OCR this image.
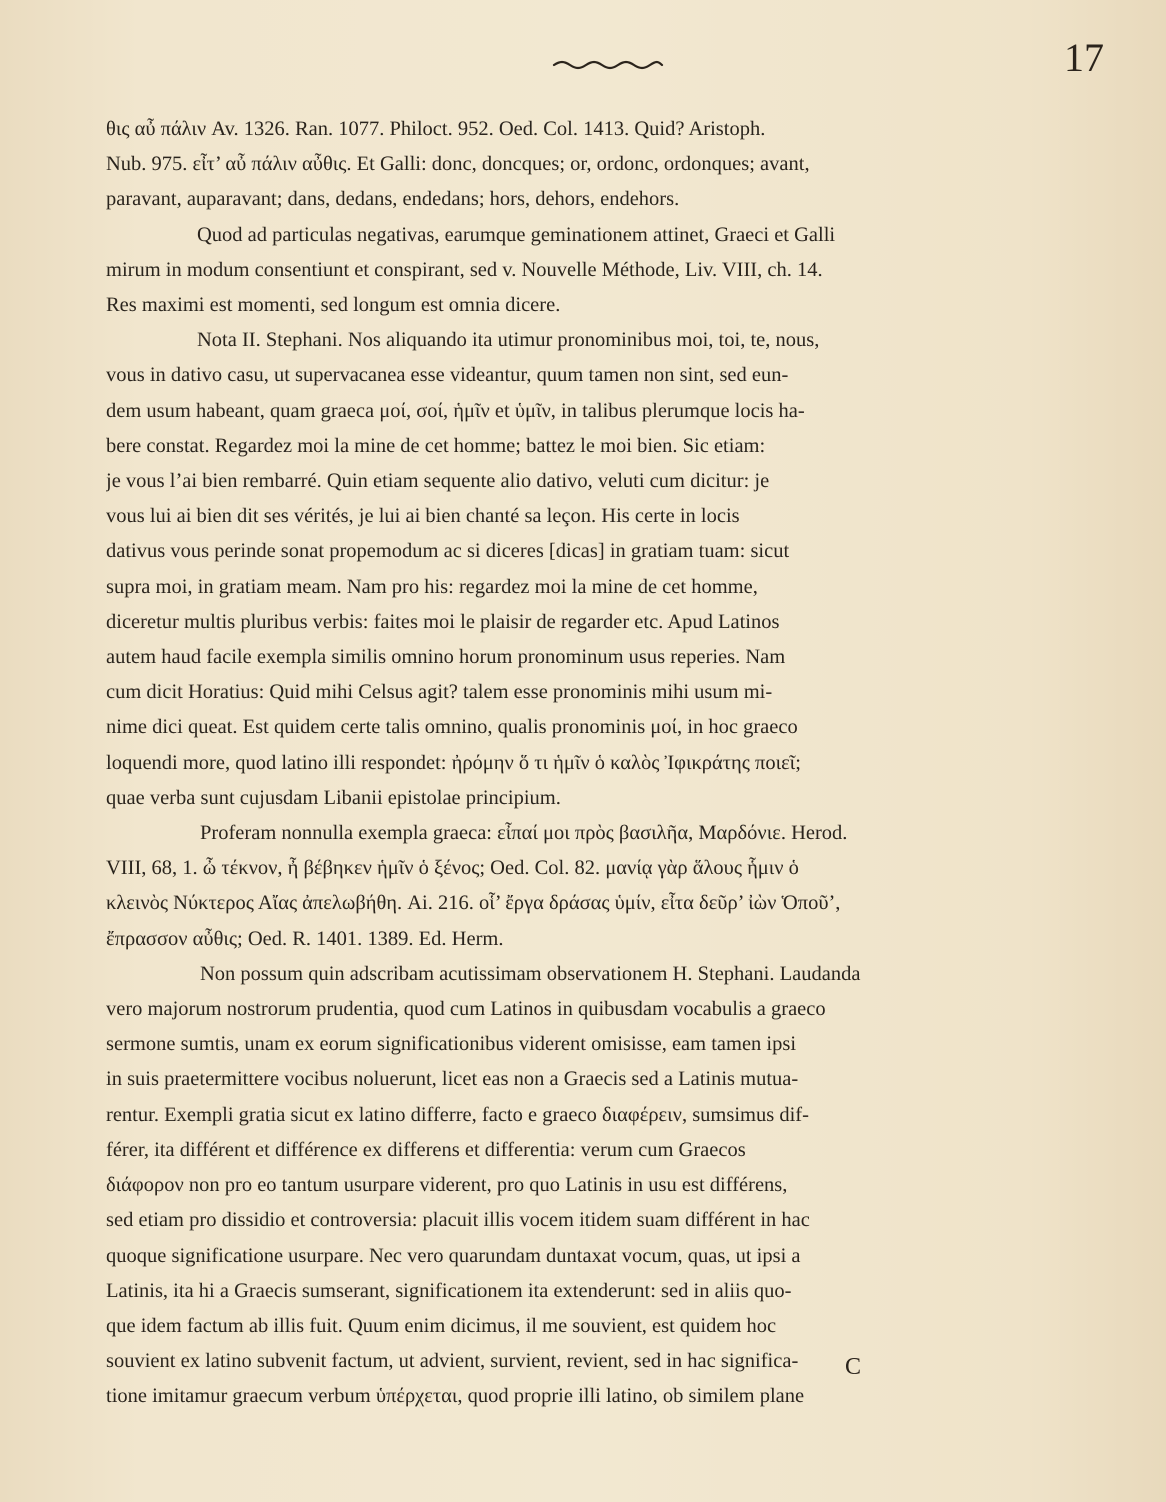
17
θις αὖ πάλιν Av. 1326. Ran. 1077. Philoct. 952. Oed. Col. 1413. Quid? Aristoph.
Nub. 975. εἶτ’ αὖ πάλιν αὖθις. Et Galli: donc, doncques; or, ordonc, ordonques; avant,
paravant, auparavant; dans, dedans, endedans; hors, dehors, endehors.
Quod ad particulas negativas, earumque geminationem attinet, Graeci et Galli
mirum in modum consentiunt et conspirant, sed v. Nouvelle Méthode, Liv. VIII, ch. 14.
Res maximi est momenti, sed longum est omnia dicere.
Nota II. Stephani. Nos aliquando ita utimur pronominibus moi, toi, te, nous,
vous in dativo casu, ut supervacanea esse videantur, quum tamen non sint, sed eun-
dem usum habeant, quam graeca μοί, σοί, ἡμῖν et ὑμῖν, in talibus plerumque locis ha-
bere constat. Regardez moi la mine de cet homme; battez le moi bien. Sic etiam:
je vous l’ai bien rembarré. Quin etiam sequente alio dativo, veluti cum dicitur: je
vous lui ai bien dit ses vérités, je lui ai bien chanté sa leçon. His certe in locis
dativus vous perinde sonat propemodum ac si diceres [dicas] in gratiam tuam: sicut
supra moi, in gratiam meam. Nam pro his: regardez moi la mine de cet homme,
diceretur multis pluribus verbis: faites moi le plaisir de regarder etc. Apud Latinos
autem haud facile exempla similis omnino horum pronominum usus reperies. Nam
cum dicit Horatius: Quid mihi Celsus agit? talem esse pronominis mihi usum mi-
nime dici queat. Est quidem certe talis omnino, qualis pronominis μοί, in hoc graeco
loquendi more, quod latino illi respondet: ἠρόμην ὅ τι ἡμῖν ὁ καλὸς Ἰφικράτης ποιεῖ;
quae verba sunt cujusdam Libanii epistolae principium.
Proferam nonnulla exempla graeca: εἶπαί μοι πρὸς βασιλῆα, Μαρδόνιε. Herod.
VIII, 68, 1. ὦ τέκνον, ἦ βέβηκεν ἡμῖν ὁ ξένος; Oed. Col. 82. μανίᾳ γὰρ ἅλους ἧμιν ὁ
κλεινὸς Νύκτερος Αἴας ἀπελωβήθη. Ai. 216. οἷ’ ἔργα δράσας ὑμίν, εἶτα δεῦρ’ ἰὼν Ὁποῦ’,
ἔπρασσον αὖθις; Oed. R. 1401. 1389. Ed. Herm.
Non possum quin adscribam acutissimam observationem H. Stephani. Laudanda
vero majorum nostrorum prudentia, quod cum Latinos in quibusdam vocabulis a graeco
sermone sumtis, unam ex eorum significationibus viderent omisisse, eam tamen ipsi
in suis praetermittere vocibus noluerunt, licet eas non a Graecis sed a Latinis mutua-
rentur. Exempli gratia sicut ex latino differre, facto e graeco διαφέρειν, sumsimus dif-
férer, ita différent et différence ex differens et differentia: verum cum Graecos
διάφορον non pro eo tantum usurpare viderent, pro quo Latinis in usu est différens,
sed etiam pro dissidio et controversia: placuit illis vocem itidem suam différent in hac
quoque significatione usurpare. Nec vero quarundam duntaxat vocum, quas, ut ipsi a
Latinis, ita hi a Graecis sumserant, significationem ita extenderunt: sed in aliis quo-
que idem factum ab illis fuit. Quum enim dicimus, il me souvient, est quidem hoc
souvient ex latino subvenit factum, ut advient, survient, revient, sed in hac significa-
tione imitamur graecum verbum ὑπέρχεται, quod proprie illi latino, ob similem plane
C
